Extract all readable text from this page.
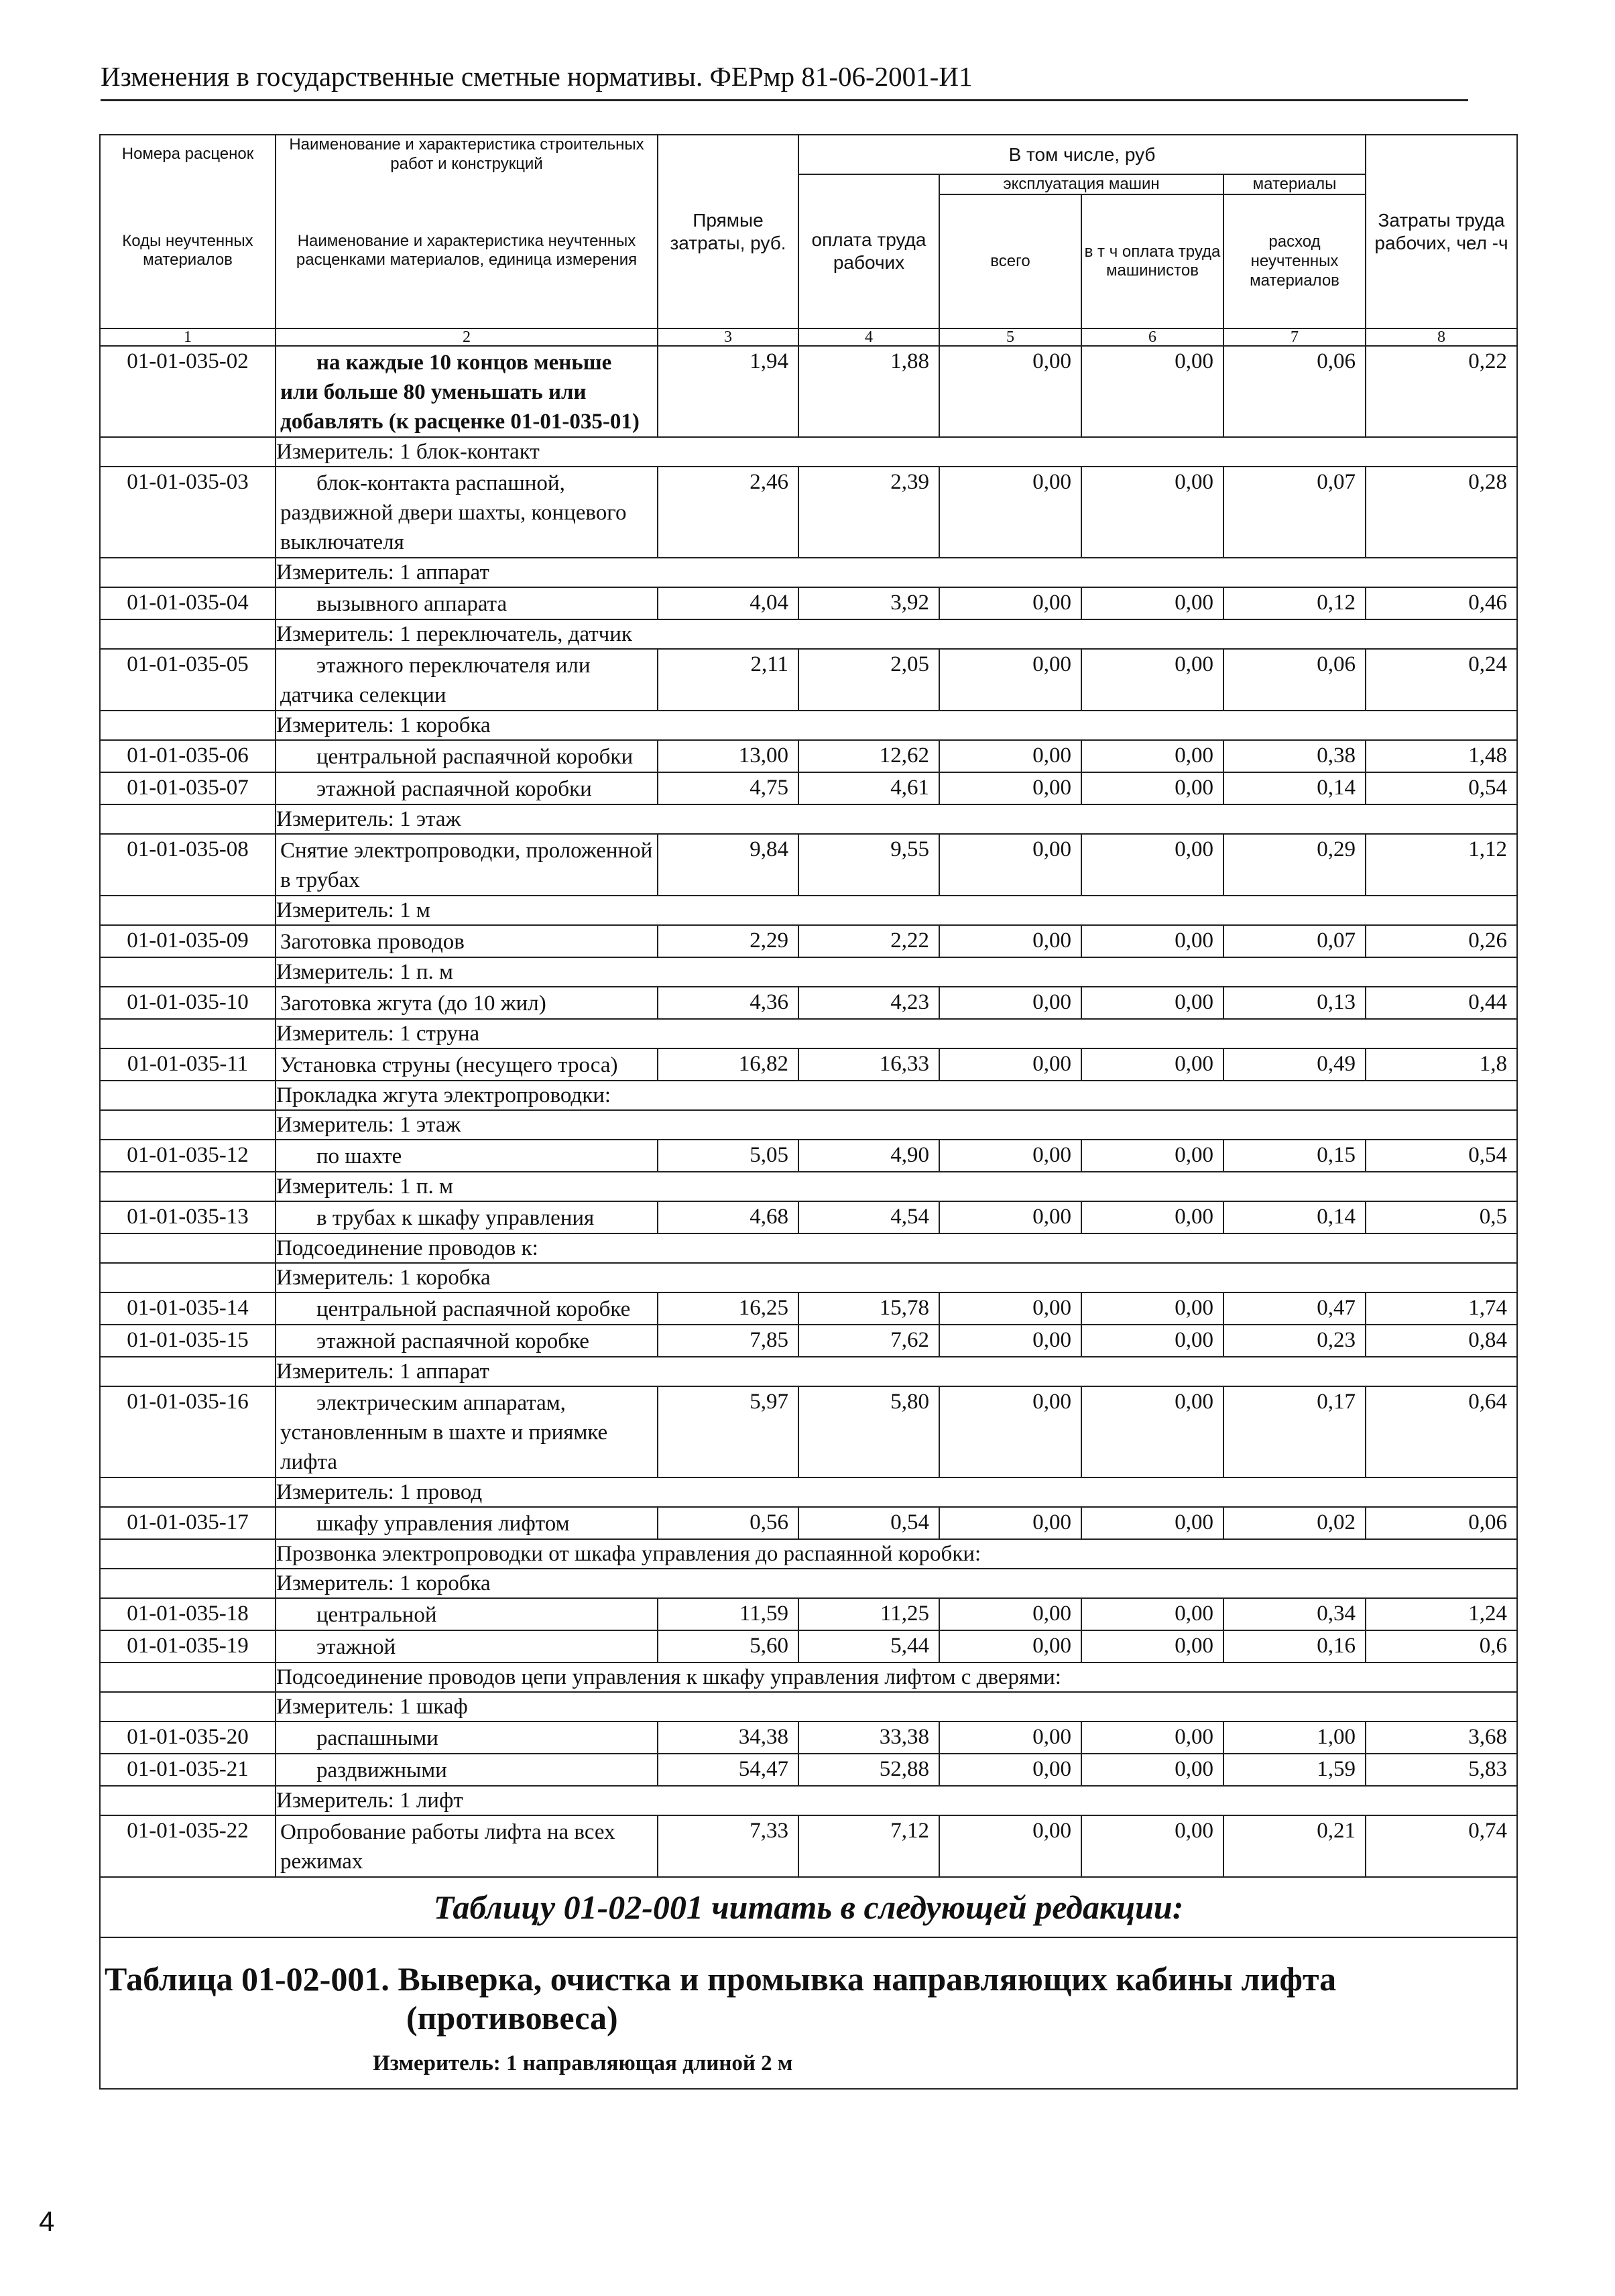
Изменения в государственные сметные нормативы. ФЕРмр 81-06-2001-И1
Номера расценок	Наименование и характеристика строительных работ и конструкций	Прямые затраты, руб.	В том числе, руб				Затраты труда рабочих, чел -ч
Коды неучтенных материалов	Наименование и характеристика неучтенных расценками материалов, единица измерения		оплата труда рабочих	эксплуатация машин		материалы	
				всего	в т ч оплата труда машинистов	расход неучтенных материалов	
1	2	3	4	5	6	7	8
01-01-035-02	на каждые 10 концов меньше или больше 80 уменьшать или добавлять (к расценке 01-01-035-01)	1,94	1,88	0,00	0,00	0,06	0,22
	Измеритель: 1 блок-контакт						
01-01-035-03	блок-контакта распашной, раздвижной двери шахты, концевого выключателя	2,46	2,39	0,00	0,00	0,07	0,28
	Измеритель: 1 аппарат						
01-01-035-04	вызывного аппарата	4,04	3,92	0,00	0,00	0,12	0,46
	Измеритель: 1 переключатель, датчик						
01-01-035-05	этажного переключателя или датчика селекции	2,11	2,05	0,00	0,00	0,06	0,24
	Измеритель: 1 коробка						
01-01-035-06	центральной распаячной коробки	13,00	12,62	0,00	0,00	0,38	1,48
01-01-035-07	этажной распаячной коробки	4,75	4,61	0,00	0,00	0,14	0,54
	Измеритель: 1 этаж						
01-01-035-08	Снятие электропроводки, проложенной в трубах	9,84	9,55	0,00	0,00	0,29	1,12
	Измеритель: 1 м						
01-01-035-09	Заготовка проводов	2,29	2,22	0,00	0,00	0,07	0,26
	Измеритель: 1 п. м						
01-01-035-10	Заготовка жгута (до 10 жил)	4,36	4,23	0,00	0,00	0,13	0,44
	Измеритель: 1 струна						
01-01-035-11	Установка струны (несущего троса)	16,82	16,33	0,00	0,00	0,49	1,8
	Прокладка жгута электропроводки:						
	Измеритель: 1 этаж						
01-01-035-12	по шахте	5,05	4,90	0,00	0,00	0,15	0,54
	Измеритель: 1 п. м						
01-01-035-13	в трубах к шкафу управления	4,68	4,54	0,00	0,00	0,14	0,5
	Подсоединение проводов к:						
	Измеритель: 1 коробка						
01-01-035-14	центральной распаячной коробке	16,25	15,78	0,00	0,00	0,47	1,74
01-01-035-15	этажной распаячной коробке	7,85	7,62	0,00	0,00	0,23	0,84
	Измеритель: 1 аппарат						
01-01-035-16	электрическим аппаратам, установленным в шахте и приямке лифта	5,97	5,80	0,00	0,00	0,17	0,64
	Измеритель: 1 провод						
01-01-035-17	шкафу управления лифтом	0,56	0,54	0,00	0,00	0,02	0,06
	Прозвонка электропроводки от шкафа управления до распаянной коробки:						
	Измеритель: 1 коробка						
01-01-035-18	центральной	11,59	11,25	0,00	0,00	0,34	1,24
01-01-035-19	этажной	5,60	5,44	0,00	0,00	0,16	0,6
	Подсоединение проводов цепи управления к шкафу управления лифтом с дверями:						
	Измеритель: 1 шкаф						
01-01-035-20	распашными	34,38	33,38	0,00	0,00	1,00	3,68
01-01-035-21	раздвижными	54,47	52,88	0,00	0,00	1,59	5,83
	Измеритель: 1 лифт						
01-01-035-22	Опробование работы лифта на всех режимах	7,33	7,12	0,00	0,00	0,21	0,74
Таблицу 01-02-001 читать в следующей редакции:							
Таблица 01-02-001. Выверка, очистка и промывка направляющих кабины лифта
(противовеса)
Измеритель: 1 направляющая длиной 2 м							
4
